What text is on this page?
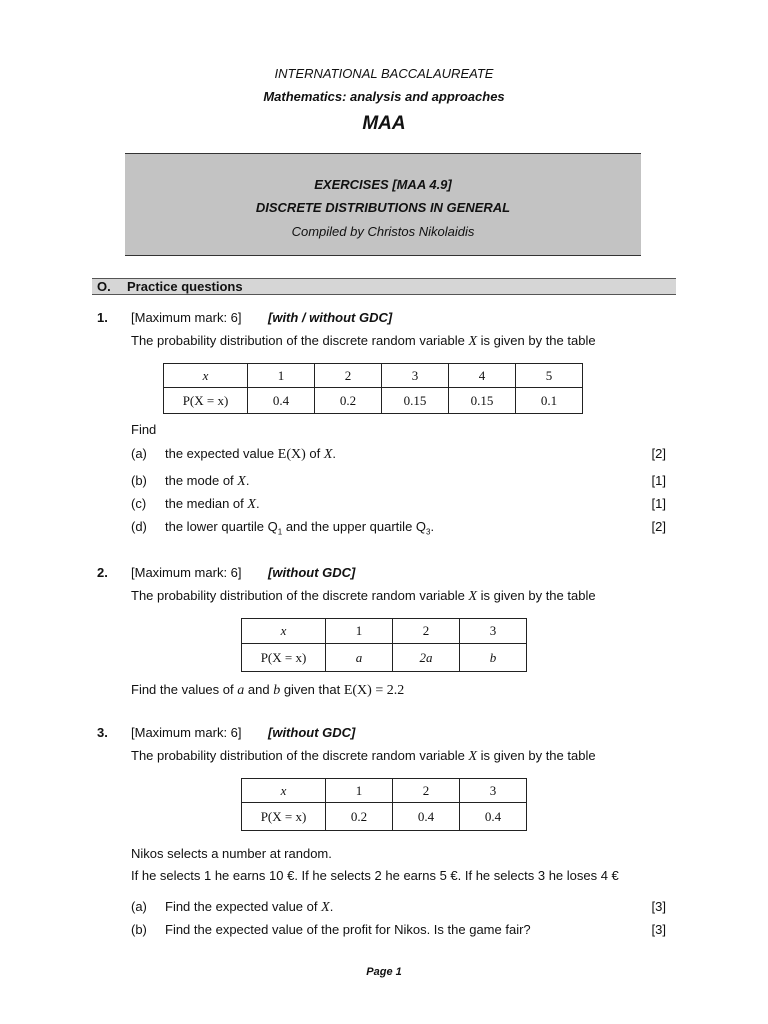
INTERNATIONAL BACCALAUREATE
Mathematics: analysis and approaches
MAA
EXERCISES [MAA 4.9]
DISCRETE DISTRIBUTIONS IN GENERAL
Compiled by Christos Nikolaidis
O. Practice questions
1. [Maximum mark: 6] [with / without GDC]
The probability distribution of the discrete random variable X is given by the table
x	1	2	3	4	5
P(X = x)	0.4	0.2	0.15	0.15	0.1
Find
(a) the expected value E(X) of X.	[2]
(b) the mode of X.	[1]
(c) the median of X.	[1]
(d) the lower quartile $Q_1$ and the upper quartile $Q_3$.	[2]
2. [Maximum mark: 6] [without GDC]
The probability distribution of the discrete random variable X is given by the table
x	1	2	3
P(X = x)	a	2a	b
Find the values of a and b given that E(X) = 2.2
3. [Maximum mark: 6] [without GDC]
The probability distribution of the discrete random variable X is given by the table
x	1	2	3
P(X = x)	0.2	0.4	0.4
Nikos selects a number at random.
If he selects 1 he earns 10 €. If he selects 2 he earns 5 €. If he selects 3 he loses 4 €
(a) Find the expected value of X.	[3]
(b) Find the expected value of the profit for Nikos. Is the game fair?	[3]
Page 1
